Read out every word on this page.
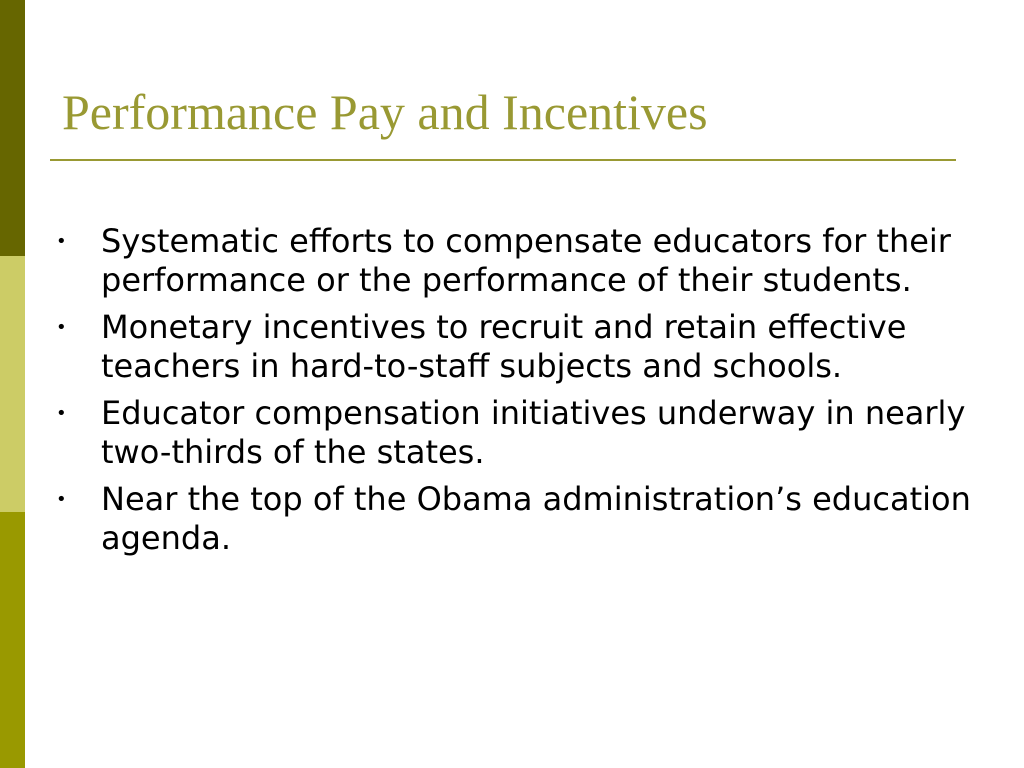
Performance Pay and Incentives
• Systematic efforts to compensate educators for their performance or the performance of their students.
• Monetary incentives to recruit and retain effective teachers in hard-to-staff subjects and schools.
• Educator compensation initiatives underway in nearly two-thirds of the states.
• Near the top of the Obama administration’s education agenda.
